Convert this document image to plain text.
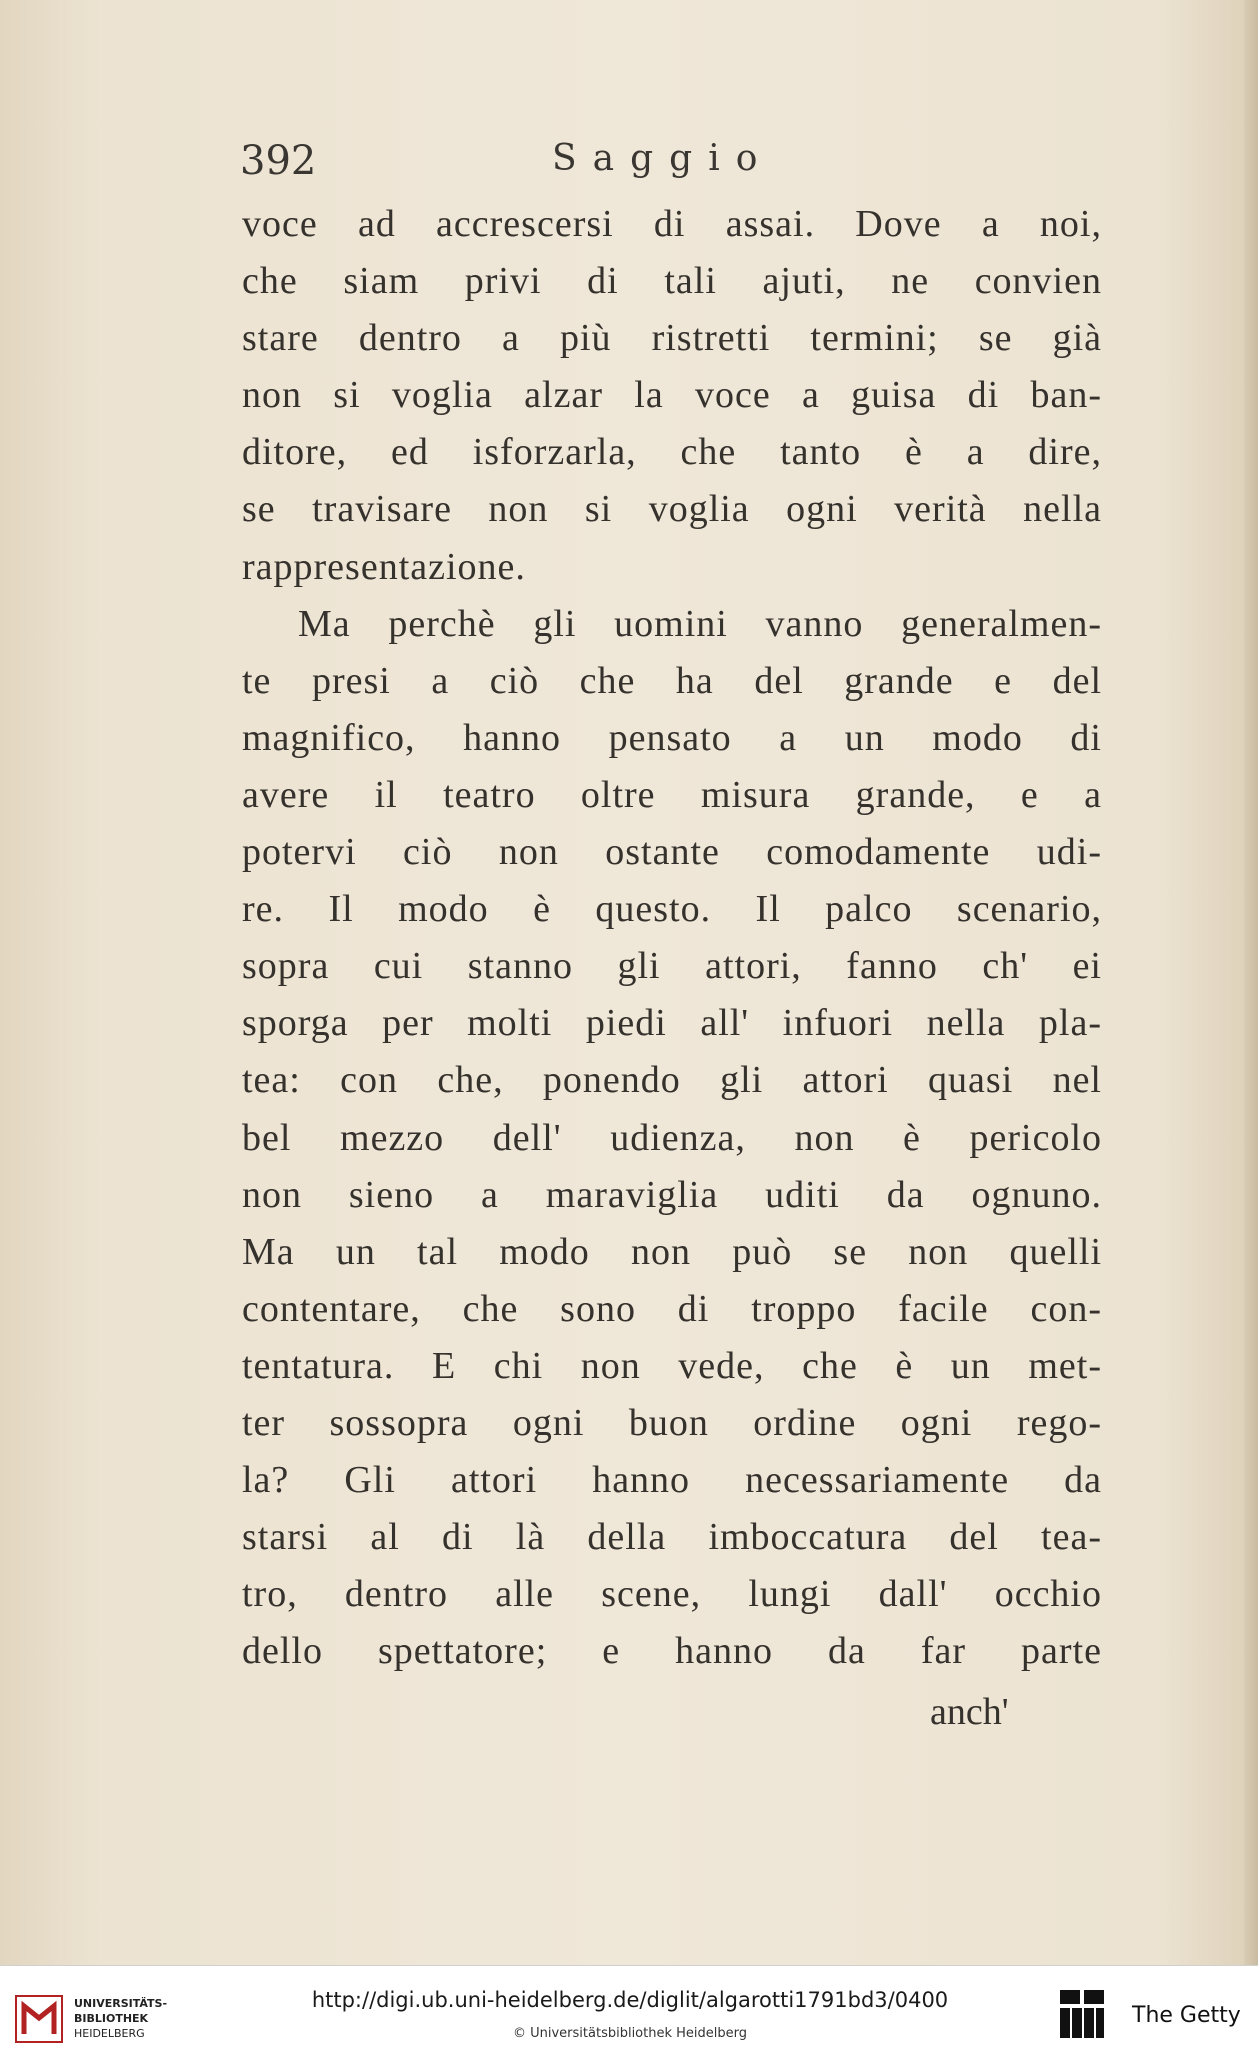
392	Saggio
voce ad accrescersi di assai. Dove a noi,
che siam privi di tali ajuti, ne convien
stare dentro a più ristretti termini; se già
non si voglia alzar la voce a guisa di ban-
ditore, ed isforzarla, che tanto è a dire,
se travisare non si voglia ogni verità nella
rappresentazione.
Ma perchè gli uomini vanno generalmen-
te presi a ciò che ha del grande e del
magnifico, hanno pensato a un modo di
avere il teatro oltre misura grande, e a
potervi ciò non ostante comodamente udi-
re. Il modo è questo. Il palco scenario,
sopra cui stanno gli attori, fanno ch' ei
sporga per molti piedi all' infuori nella pla-
tea: con che, ponendo gli attori quasi nel
bel mezzo dell' udienza, non è pericolo
non sieno a maraviglia uditi da ognuno.
Ma un tal modo non può se non quelli
contentare, che sono di troppo facile con-
tentatura. E chi non vede, che è un met-
ter sossopra ogni buon ordine ogni rego-
la? Gli attori hanno necessariamente da
starsi al di là della imboccatura del tea-
tro, dentro alle scene, lungi dall' occhio
dello spettatore; e hanno da far parte
anch'
UNIVERSITÄTS-
BIBLIOTHEK
HEIDELBERG
http://digi.ub.uni-heidelberg.de/diglit/algarotti1791bd3/0400
© Universitätsbibliothek Heidelberg
The Getty
